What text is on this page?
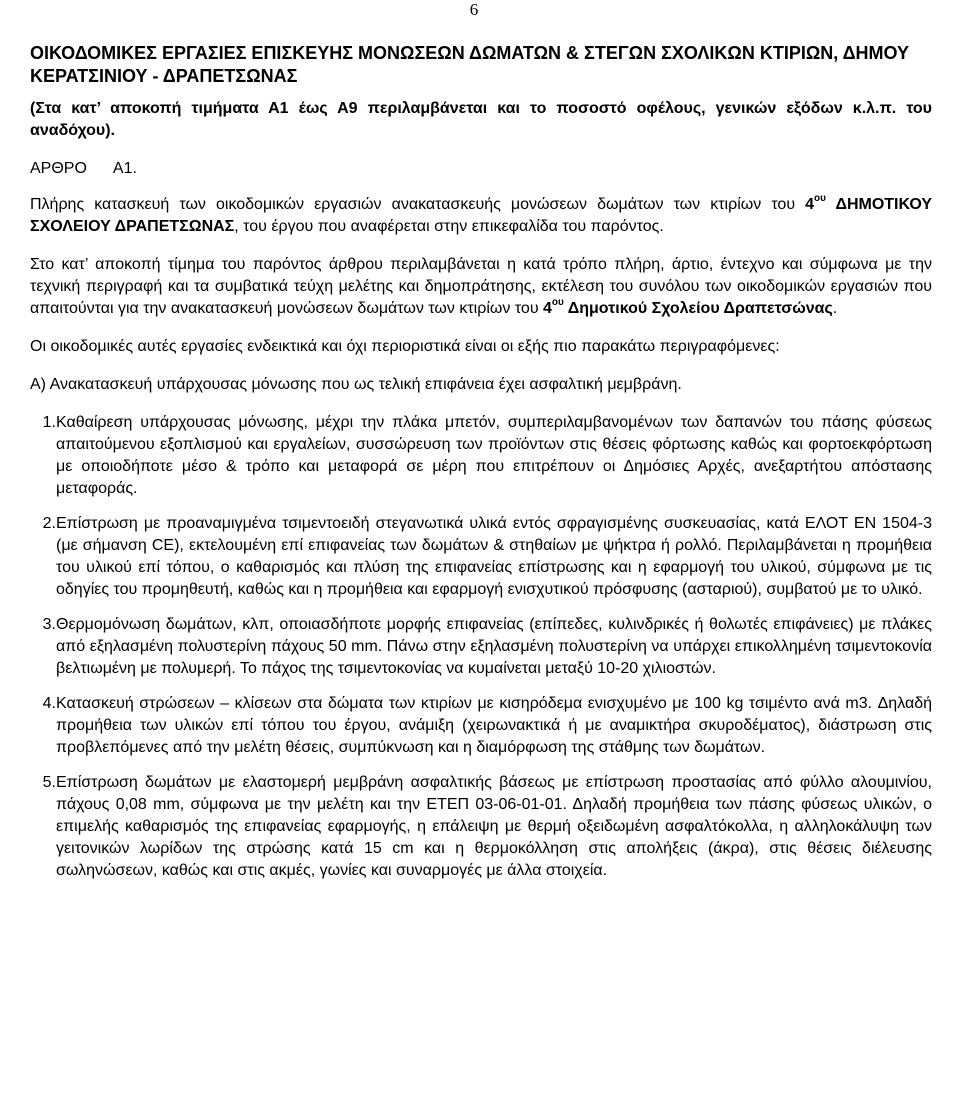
6
ΟΙΚΟΔΟΜΙΚΕΣ ΕΡΓΑΣΙΕΣ ΕΠΙΣΚΕΥΗΣ ΜΟΝΩΣΕΩΝ ΔΩΜΑΤΩΝ & ΣΤΕΓΩΝ ΣΧΟΛΙΚΩΝ ΚΤΙΡΙΩΝ, ΔΗΜΟΥ ΚΕΡΑΤΣΙΝΙΟΥ - ΔΡΑΠΕΤΣΩΝΑΣ

(Στα κατ’ αποκοπή τιμήματα Α1 έως Α9 περιλαμβάνεται και το ποσοστό οφέλους, γενικών εξόδων κ.λ.π. του αναδόχου).

ΑΡΘΡΟ Α1.

Πλήρης κατασκευή των οικοδομικών εργασιών ανακατασκευής μονώσεων δωμάτων των κτιρίων του $4^{o\upsilon}$ ΔΗΜΟΤΙΚΟΥ ΣΧΟΛΕΙΟΥ ΔΡΑΠΕΤΣΩΝΑΣ, του έργου που αναφέρεται στην επικεφαλίδα του παρόντος.

Στο κατ’ αποκοπή τίμημα του παρόντος άρθρου περιλαμβάνεται η κατά τρόπο πλήρη, άρτιο, έντεχνο και σύμφωνα με την τεχνική περιγραφή και τα συμβατικά τεύχη μελέτης και δημοπράτησης, εκτέλεση του συνόλου των οικοδομικών εργασιών που απαιτούνται για την ανακατασκευή μονώσεων δωμάτων των κτιρίων του $4^{o\upsilon}$ Δημοτικού Σχολείου Δραπετσώνας.

Οι οικοδομικές αυτές εργασίες ενδεικτικά και όχι περιοριστικά είναι οι εξής πιο παρακάτω περιγραφόμενες:

Α) Ανακατασκευή υπάρχουσας μόνωσης που ως τελική επιφάνεια έχει ασφαλτική μεμβράνη.

1. Καθαίρεση υπάρχουσας μόνωσης, μέχρι την πλάκα μπετόν, συμπεριλαμβανομένων των δαπανών του πάσης φύσεως απαιτούμενου εξοπλισμού και εργαλείων, συσσώρευση των προϊόντων στις θέσεις φόρτωσης καθώς και φορτοεκφόρτωση με οποιοδήποτε μέσο & τρόπο και μεταφορά σε μέρη που επιτρέπουν οι Δημόσιες Αρχές, ανεξαρτήτου απόστασης μεταφοράς.
2. Επίστρωση με προαναμιγμένα τσιμεντοειδή στεγανωτικά υλικά εντός σφραγισμένης συσκευασίας, κατά ΕΛΟΤ ΕΝ 1504-3 (με σήμανση CE), εκτελουμένη επί επιφανείας των δωμάτων & στηθαίων με ψήκτρα ή ρολλό. Περιλαμβάνεται η προμήθεια του υλικού επί τόπου, ο καθαρισμός και πλύση της επιφανείας επίστρωσης και η εφαρμογή του υλικού, σύμφωνα με τις οδηγίες του προμηθευτή, καθώς και η προμήθεια και εφαρμογή ενισχυτικού πρόσφυσης (ασταριού), συμβατού με το υλικό.
3. Θερμομόνωση δωμάτων, κλπ, οποιασδήποτε μορφής επιφανείας (επίπεδες, κυλινδρικές ή θολωτές επιφάνειες) με πλάκες από εξηλασμένη πολυστερίνη πάχους 50 mm. Πάνω στην εξηλασμένη πολυστερίνη να υπάρχει επικολλημένη τσιμεντοκονία βελτιωμένη με πολυμερή. Το πάχος της τσιμεντοκονίας να κυμαίνεται μεταξύ 10-20 χιλιοστών.
4. Κατασκευή στρώσεων – κλίσεων στα δώματα των κτιρίων με κισηρόδεμα ενισχυμένο με 100 kg τσιμέντο ανά m3. Δηλαδή προμήθεια των υλικών επί τόπου του έργου, ανάμιξη (χειρωνακτικά ή με αναμικτήρα σκυροδέματος), διάστρωση στις προβλεπόμενες από την μελέτη θέσεις, συμπύκνωση και η διαμόρφωση της στάθμης των δωμάτων.
5. Επίστρωση δωμάτων με ελαστομερή μεμβράνη ασφαλτικής βάσεως με επίστρωση προστασίας από φύλλο αλουμινίου, πάχους 0,08 mm, σύμφωνα με την μελέτη και την ΕΤΕΠ 03-06-01-01. Δηλαδή προμήθεια των πάσης φύσεως υλικών, ο επιμελής καθαρισμός της επιφανείας εφαρμογής, η επάλειψη με θερμή οξειδωμένη ασφαλτόκολλα, η αλληλοκάλυψη των γειτονικών λωρίδων της στρώσης κατά 15 cm και η θερμοκόλληση στις απολήξεις (άκρα), στις θέσεις διέλευσης σωληνώσεων, καθώς και στις ακμές, γωνίες και συναρμογές με άλλα στοιχεία.
